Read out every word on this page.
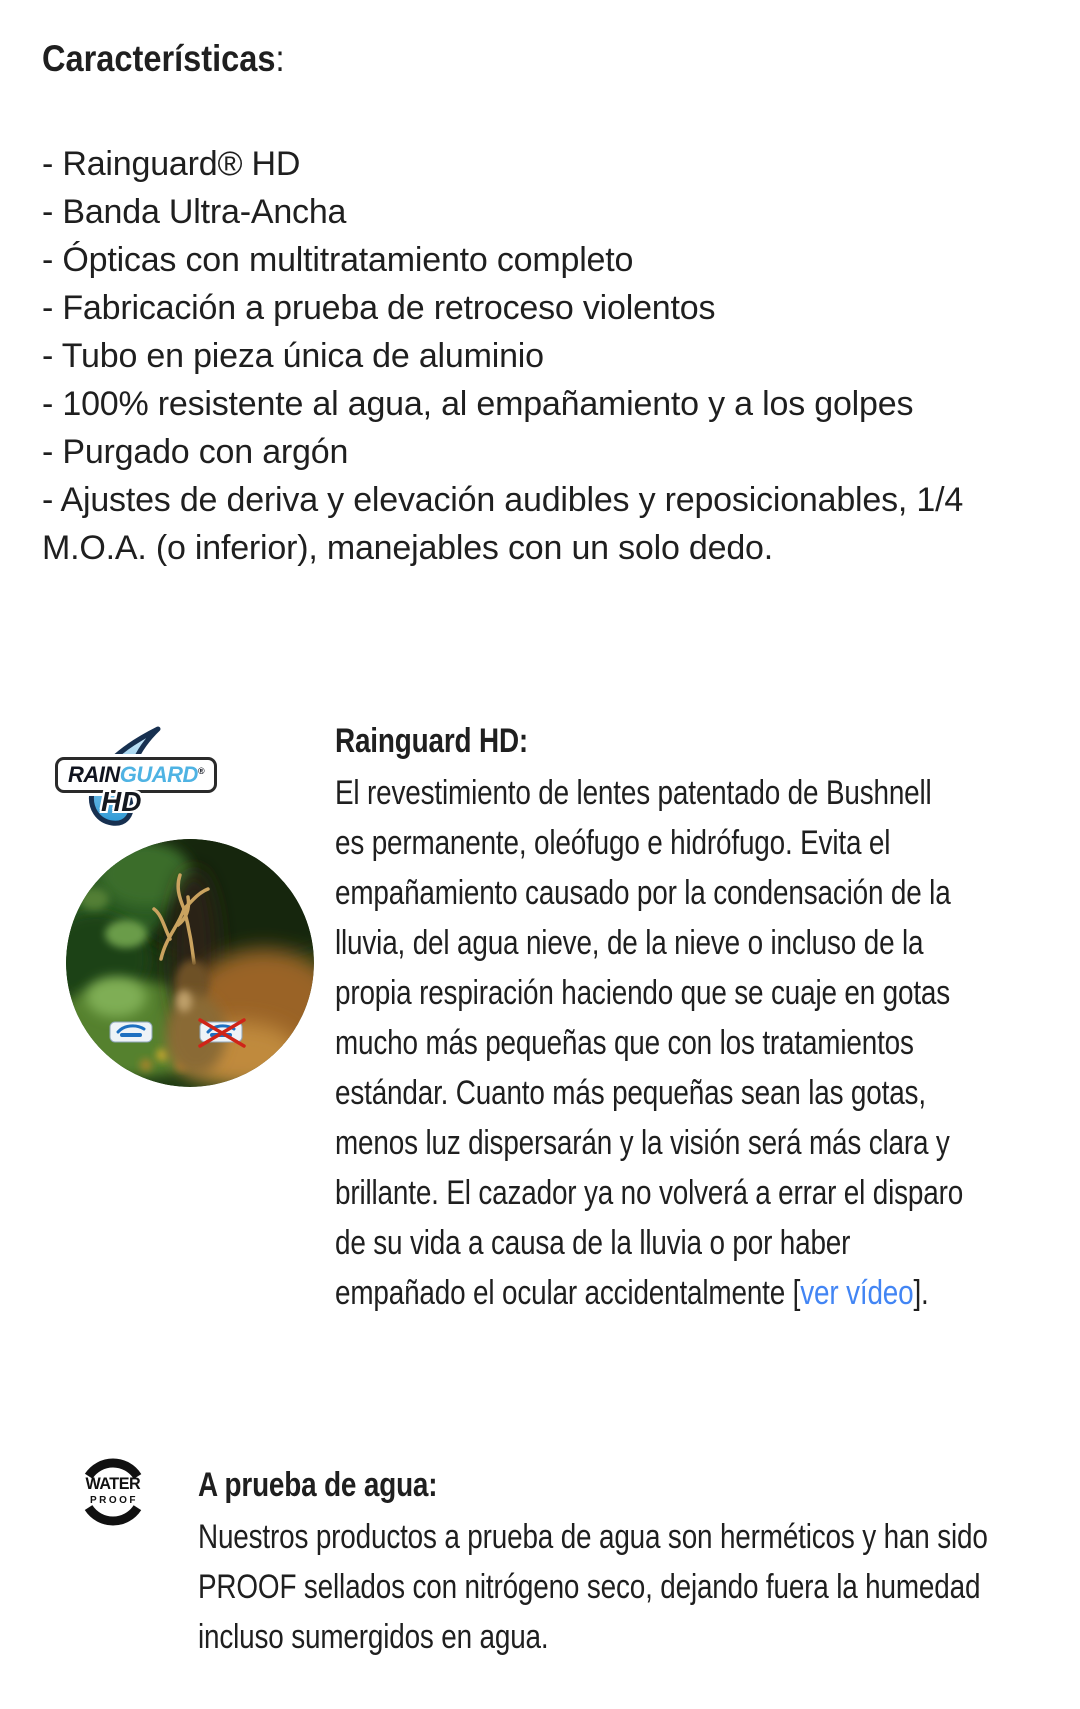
Características:
- Rainguard® HD
- Banda Ultra-Ancha
- Ópticas con multitratamiento completo
- Fabricación a prueba de retroceso violentos
- Tubo en pieza única de aluminio
- 100% resistente al agua, al empañamiento y a los golpes
- Purgado con argón
- Ajustes de deriva y elevación audibles y reposicionables, 1/4 M.O.A. (o inferior), manejables con un solo dedo.
RAIN GUARD ®
HD
Rainguard HD:

El revestimiento de lentes patentado de Bushnell es permanente, oleófugo e hidrófugo. Evita el empañamiento causado por la condensación de la lluvia, del agua nieve, de la nieve o incluso de la propia respiración haciendo que se cuaje en gotas mucho más pequeñas que con los tratamientos estándar. Cuanto más pequeñas sean las gotas, menos luz dispersarán y la visión será más clara y brillante. El cazador ya no volverá a errar el disparo de su vida a causa de la lluvia o por haber empañado el ocular accidentalmente [ver vídeo].

WATER
PROOF A prueba de agua:

Nuestros productos a prueba de agua son herméticos y han sido PROOF sellados con nitrógeno seco, dejando fuera la humedad incluso sumergidos en agua.
